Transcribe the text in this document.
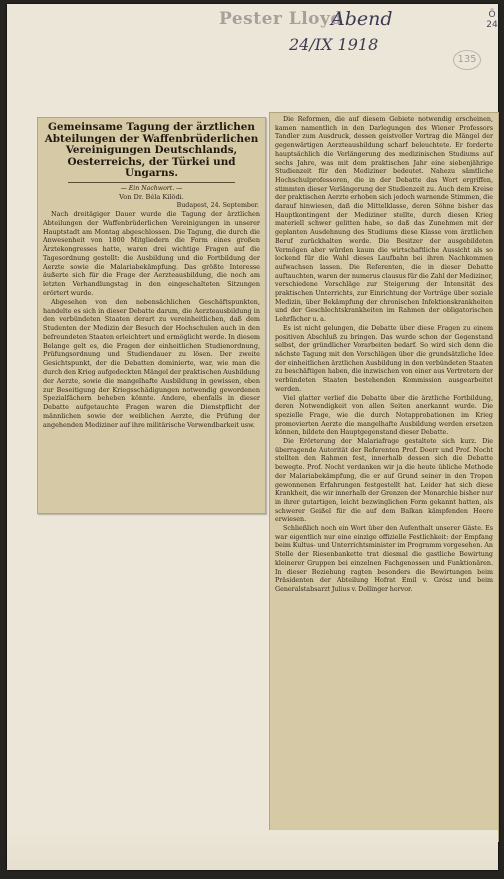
Pester Lloyd
Abend
24/IX 1918
Ö 24
135
Gemeinsame Tagung der ärztlichen Abteilungen der Waffenbrüderlichen Vereinigungen Deutschlands, Oesterreichs, der Türkei und Ungarns.
— Ein Nachwort. —
Von Dr. Béla Kilödi.
Budapest, 24. September.

Nach dreitägiger Dauer wurde die Tagung der ärztlichen Abteilungen der Waffenbrüderlichen Vereinigungen in unserer Hauptstadt am Montag abgeschlossen. Die Tagung, die durch die Anwesenheit von 1800 Mitgliedern die Form eines großen Ärztekongresses hatte, waren drei wichtige Fragen auf die Tagesordnung gestellt: die Ausbildung und die Fortbildung der Aerzte sowie die Malariabekämpfung. Das größte Interesse äußerte sich für die Frage der Aerzteausbildung, die noch am letzten Verhandlungstag in den eingeschalteten Sitzungen erörtert wurde.

Abgesehen von den nebensächlichen Geschäftspunkten, handelte es sich in dieser Debatte darum, die Aerzteausbildung in den verbündeten Staaten derart zu vereinheitlichen, daß dem Studenten der Medizin der Besuch der Hochschulen auch in den befreundeten Staaten erleichtert und ermöglicht werde. In diesem Belange gelt es, die Fragen der einheitlichen Studienordnung, Prüfungsordnung und Studiendauer zu lösen. Der zweite Gesichtspunkt, der die Debatten dominierte, war, wie man die durch den Krieg aufgedeckten Mängel der praktischen Ausbildung der Aerzte, sowie die mangelhafte Ausbildung in gewissen, eben zur Beseitigung der Kriegsschädigungen notwendig gewordenen Spezialfächern beheben könnte. Andere, ebenfalls in dieser Debatte aufgetauchte Fragen waren die Dienstpflicht der männlichen sowie der weiblichen Aerzte, die Prüfung der angehenden Mediziner auf ihre militärische Verwendbarkeit usw.

Die Reformen, die auf diesem Gebiete notwendig erscheinen, kamen namentlich in den Darlegungen des Wiener Professors Tandler zum Ausdruck, dessen geistvoller Vortrag die Mängel der gegenwärtigen Aerzteausbildung scharf beleuchtete. Er forderte hauptsächlich die Verlängerung des medizinischen Studiums auf sechs Jahre, was mit dem praktischen Jahr eine siebenjährige Studienzeit für den Mediziner bedeutet. Nahezu sämtliche Hochschulprofessoren, die in der Debatte das Wort ergriffen, stimmten dieser Verlängerung der Studienzeit zu. Auch dem Kreise der praktischen Aerzte erhoben sich jedoch warnende Stimmen, die darauf hinwiesen, daß die Mittelklasse, deren Söhne bisher das Hauptkontingent der Mediziner stellte, durch diesen Krieg materiell schwer gelitten habe, so daß das Zunehmen mit der geplanten Ausdehnung des Studiums diese Klasse vom ärztlichen Beruf zurückhalten werde. Die Besitzer der ausgebildeten Vermögen aber würden kaum die wirtschaftliche Aussicht als so lockend für die Wahl dieses Laufbahn bei ihren Nachkommen aufwachsen lassen. Die Referenten, die in dieser Debatte auftauchten, waren der numerus clausus für die Zahl der Mediziner, verschiedene Vorschläge zur Steigerung der Intensität des praktischen Unterrichts, zur Einrichtung der Vorträge über soziale Medizin, über Bekämpfung der chronischen Infektionskrankheiten und der Geschlechtskrankheiten im Rahmen der obligatorischen Lehrfächer u. a.

Es ist nicht gelungen, die Debatte über diese Fragen zu einem positiven Abschluß zu bringen. Das wurde schon der Gegenstand selbst, der gründlicher Vorarbeiten bedarf. So wird sich denn die nächste Tagung mit den Vorschlägen über die grundsätzliche Idee der einheitlichen ärztlichen Ausbildung in den verbündeten Staaten zu beschäftigen haben, die inzwischen von einer aus Vertretern der verbündeten Staaten bestehenden Kommission ausgearbeitet werden.

Viel glatter verlief die Debatte über die ärztliche Fortbildung, deren Notwendigkeit von allen Seiten anerkannt wurde. Die spezielle Frage, wie die durch Notapprobationen im Krieg promovierten Aerzte die mangelhafte Ausbildung werden ersetzen können, bildete den Hauptgegenstand dieser Debatte.

Die Erörterung der Malariafrage gestaltete sich kurz. Die überragende Autorität der Referenten Prof. Doerr und Prof. Nocht stellten den Rahmen fest, innerhalb dessen sich die Debatte bewegte. Prof. Nocht verdanken wir ja die heute übliche Methode der Malariabekämpfung, die er auf Grund seiner in den Tropen gewonnenen Erfahrungen festgestellt hat. Leider hat sich diese Krankheit, die wir innerhalb der Grenzen der Monarchie bisher nur in ihrer gutartigen, leicht bezwinglichen Form gekannt hatten, als schwerer Geißel für die auf dem Balkan kämpfenden Heere erwiesen.

Schließlich noch ein Wort über den Aufenthalt unserer Gäste. Es war eigentlich nur eine einzige offizielle Festlichkeit: der Empfang beim Kultus- und Unterrichtsminister im Programm vorgesehen. An Stelle der Riesenbankette trat diesmal die gastliche Bewirtung kleinerer Gruppen bei einzelnen Fachgenossen und Funktionären. In dieser Beziehung ragten besonders die Bewirtungen beim Präsidenten der Abteilung Hofrat Emil v. Grósz und beim Generalstabsarzt Julius v. Dollinger hervor.
